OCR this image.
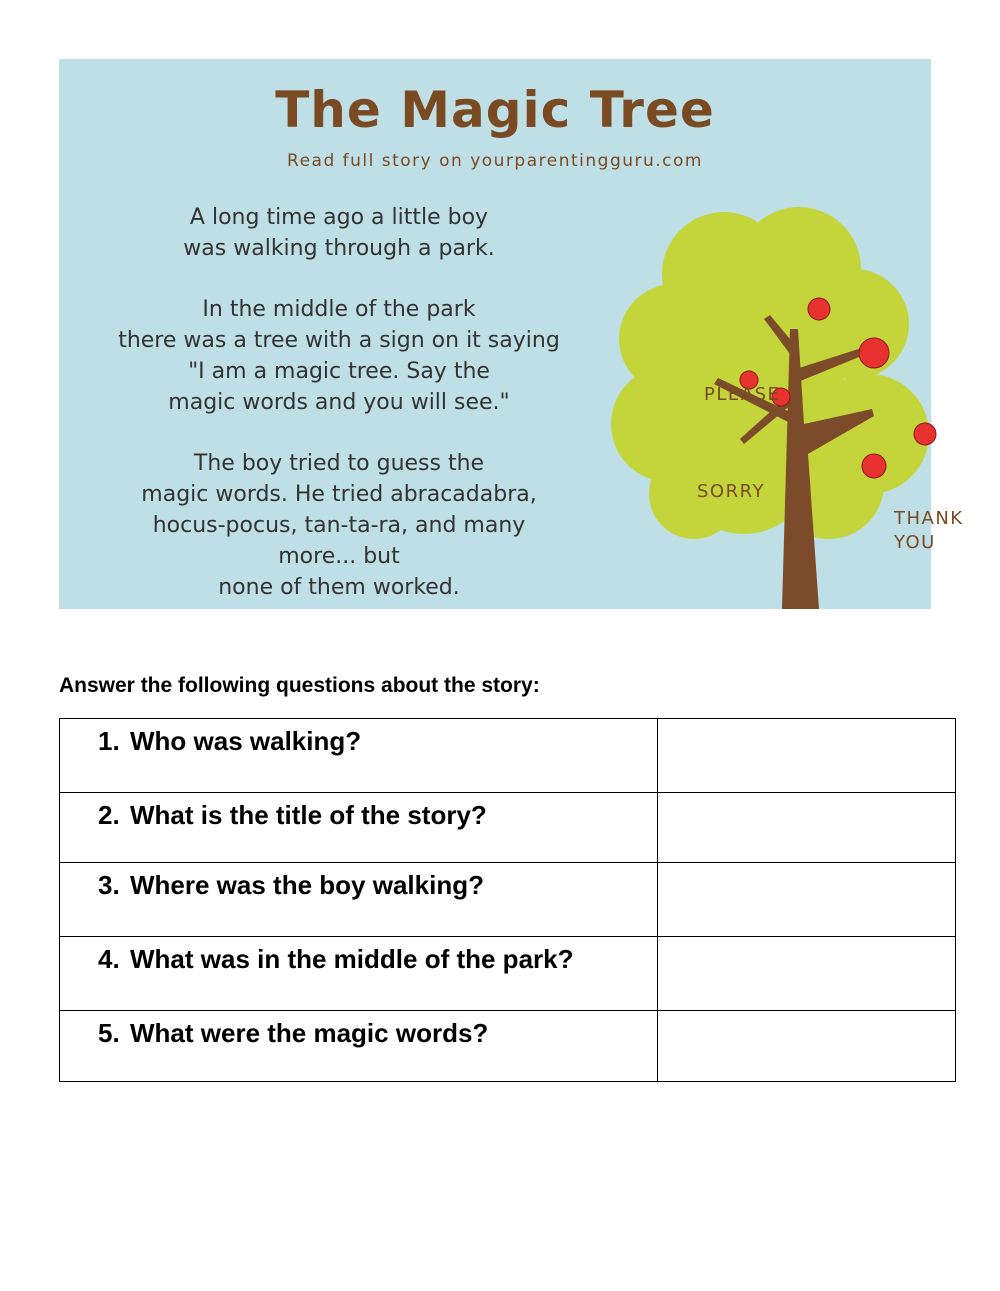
The Magic Tree
Read full story on yourparentingguru.com
A long time ago a little boy
was walking through a park.
In the middle of the park
there was a tree with a sign on it saying
"I am a magic tree. Say the
magic words and you will see."
The boy tried to guess the
magic words. He tried abracadabra,
hocus-pocus, tan-ta-ra, and many
more... but
none of them worked.
PLEASE
SORRY
THANK
YOU
Answer the following questions about the story:
1. Who was walking?	

2. What is the title of the story?	

3. Where was the boy walking?	

4. What was in the middle of the park?	

5. What were the magic words?	
